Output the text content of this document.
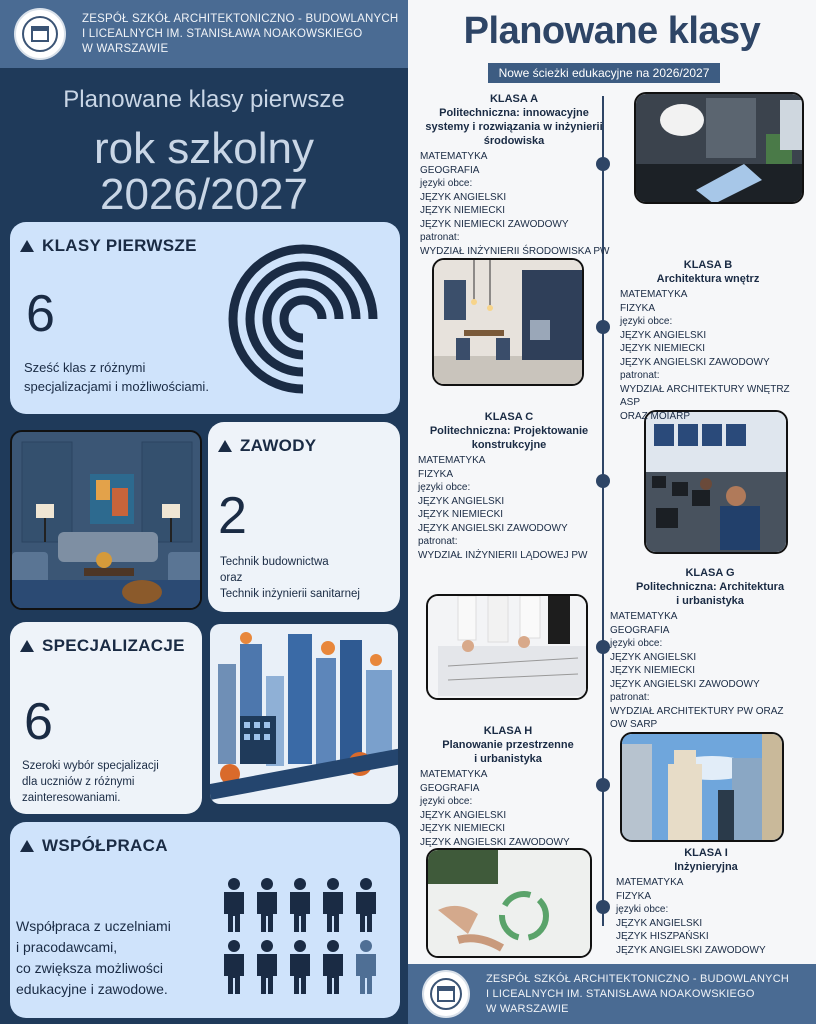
ZESPÓŁ SZKÓŁ ARCHITEKTONICZNO - BUDOWLANYCH
I LICEALNYCH IM. STANISŁAWA NOAKOWSKIEGO
W WARSZAWIE
Planowane klasy pierwsze
rok szkolny
2026/2027
KLASY PIERWSZE
6
Sześć klas z różnymi
specjalizacjami i możliwościami.
ZAWODY
2
Technik budownictwa
oraz
Technik inżynierii sanitarnej
SPECJALIZACJE
6
Szeroki wybór specjalizacji
dla uczniów z różnymi
zainteresowaniami.
WSPÓŁPRACA
Współpraca z uczelniami
i pracodawcami,
co zwiększa możliwości
edukacyjne i zawodowe.
Planowane klasy
Nowe ścieżki edukacyjne na 2026/2027
KLASA A
Politechniczna: innowacyjne
systemy i rozwiązania w inżynierii
środowiska
MATEMATYKA
GEOGRAFIA
języki obce:
JĘZYK ANGIELSKI
JĘZYK NIEMIECKI
JĘZYK NIEMIECKI ZAWODOWY
patronat:
WYDZIAŁ INŻYNIERII ŚRODOWISKA PW
KLASA B
Architektura wnętrz
MATEMATYKA
FIZYKA
języki obce:
JĘZYK ANGIELSKI
JĘZYK NIEMIECKI
JĘZYK ANGIELSKI ZAWODOWY
patronat:
WYDZIAŁ ARCHITEKTURY WNĘTRZ ASP
ORAZ MOIARP
KLASA C
Politechniczna: Projektowanie
konstrukcyjne
MATEMATYKA
FIZYKA
języki obce:
JĘZYK ANGIELSKI
JĘZYK NIEMIECKI
JĘZYK ANGIELSKI ZAWODOWY
patronat:
WYDZIAŁ INŻYNIERII LĄDOWEJ PW
KLASA G
Politechniczna: Architektura
i urbanistyka
MATEMATYKA
GEOGRAFIA
języki obce:
JĘZYK ANGIELSKI
JĘZYK NIEMIECKI
JĘZYK ANGIELSKI ZAWODOWY
patronat:
WYDZIAŁ ARCHITEKTURY PW ORAZ
OW SARP
KLASA H
Planowanie przestrzenne
i urbanistyka
MATEMATYKA
GEOGRAFIA
języki obce:
JĘZYK ANGIELSKI
JĘZYK NIEMIECKI
JĘZYK ANGIELSKI ZAWODOWY
KLASA I
Inżynieryjna
MATEMATYKA
FIZYKA
języki obce:
JĘZYK ANGIELSKI
JĘZYK HISZPAŃSKI
JĘZYK ANGIELSKI ZAWODOWY
ZESPÓŁ SZKÓŁ ARCHITEKTONICZNO - BUDOWLANYCH
I LICEALNYCH IM. STANISŁAWA NOAKOWSKIEGO
W WARSZAWIE
